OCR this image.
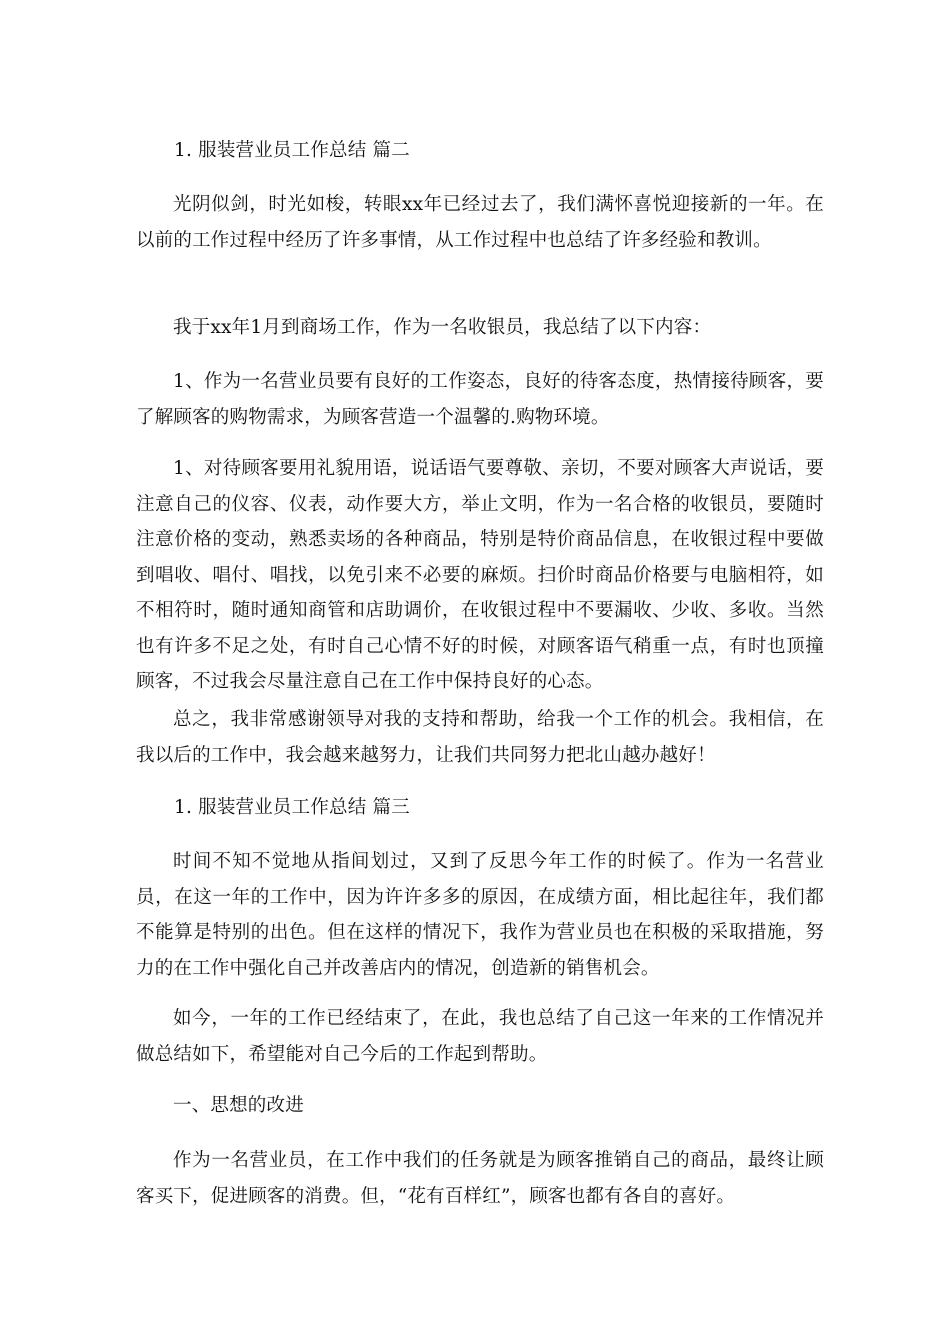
1. 服装营业员工作总结 篇二

光阴似剑，时光如梭，转眼xx年已经过去了，我们满怀喜悦迎接新的一年。在以前的工作过程中经历了许多事情，从工作过程中也总结了许多经验和教训。

我于xx年1月到商场工作，作为一名收银员，我总结了以下内容：

1、作为一名营业员要有良好的工作姿态，良好的待客态度，热情接待顾客，要了解顾客的购物需求，为顾客营造一个温馨的.购物环境。

1、对待顾客要用礼貌用语，说话语气要尊敬、亲切，不要对顾客大声说话，要注意自己的仪容、仪表，动作要大方，举止文明，作为一名合格的收银员，要随时注意价格的变动，熟悉卖场的各种商品，特别是特价商品信息，在收银过程中要做到唱收、唱付、唱找，以免引来不必要的麻烦。扫价时商品价格要与电脑相符，如不相符时，随时通知商管和店助调价，在收银过程中不要漏收、少收、多收。当然也有许多不足之处，有时自己心情不好的时候，对顾客语气稍重一点，有时也顶撞顾客，不过我会尽量注意自己在工作中保持良好的心态。

总之，我非常感谢领导对我的支持和帮助，给我一个工作的机会。我相信，在我以后的工作中，我会越来越努力，让我们共同努力把北山越办越好！

1. 服装营业员工作总结 篇三

时间不知不觉地从指间划过，又到了反思今年工作的时候了。作为一名营业员，在这一年的工作中，因为许许多多的原因，在成绩方面，相比起往年，我们都不能算是特别的出色。但在这样的情况下，我作为营业员也在积极的采取措施，努力的在工作中强化自己并改善店内的情况，创造新的销售机会。

如今，一年的工作已经结束了，在此，我也总结了自己这一年来的工作情况并做总结如下，希望能对自己今后的工作起到帮助。

一、思想的改进

作为一名营业员，在工作中我们的任务就是为顾客推销自己的商品，最终让顾客买下，促进顾客的消费。但，“花有百样红”，顾客也都有各自的喜好。
